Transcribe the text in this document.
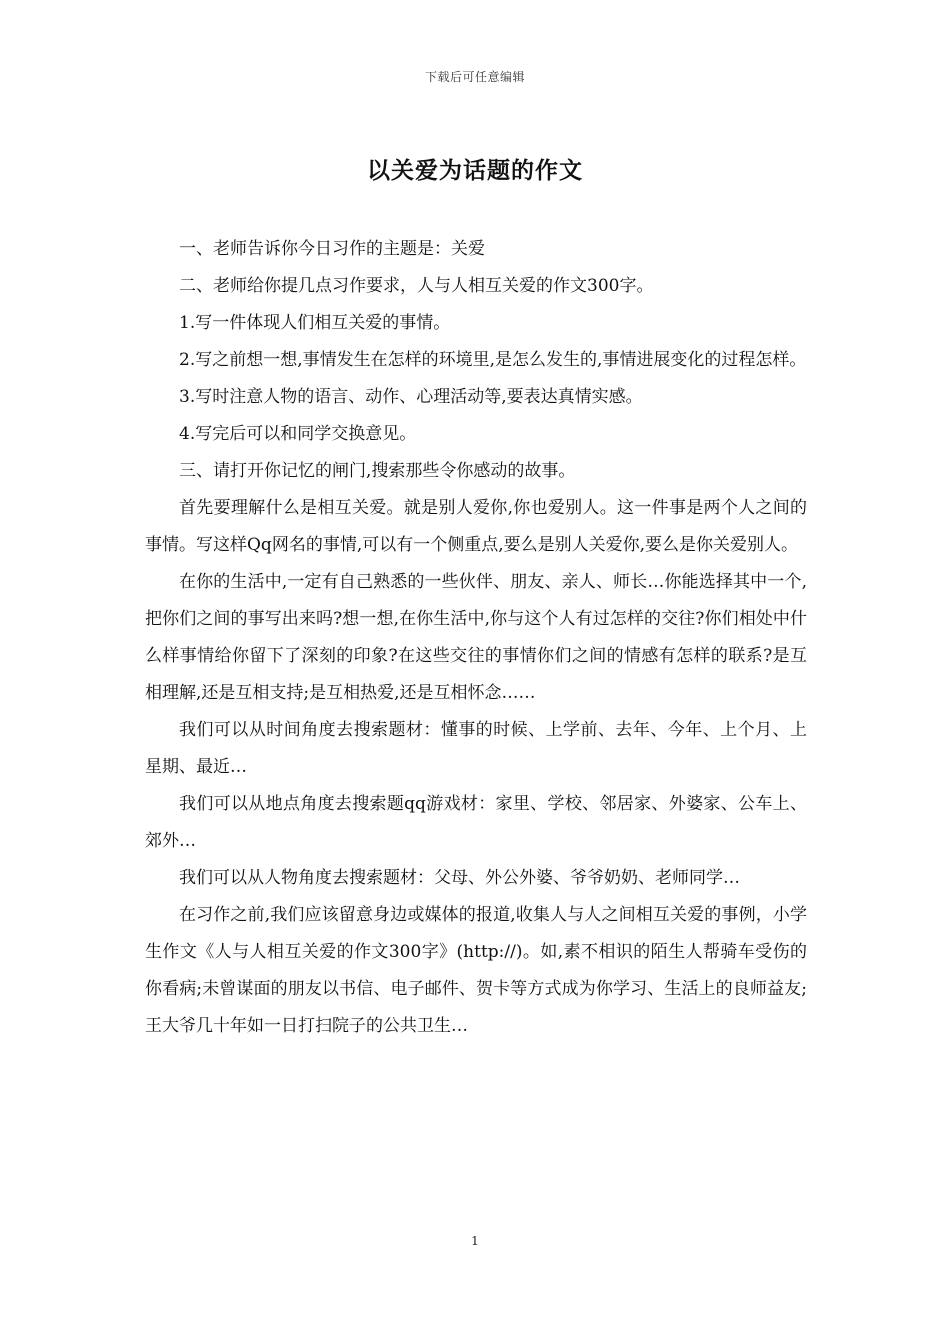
下载后可任意编辑
以关爱为话题的作文

一、老师告诉你今日习作的主题是：关爱

二、老师给你提几点习作要求，人与人相互关爱的作文300字。

1.写一件体现人们相互关爱的事情。

2.写之前想一想,事情发生在怎样的环境里,是怎么发生的,事情进展变化的过程怎样。

3.写时注意人物的语言、动作、心理活动等,要表达真情实感。

4.写完后可以和同学交换意见。

三、请打开你记忆的闸门,搜索那些令你感动的故事。

首先要理解什么是相互关爱。就是别人爱你,你也爱别人。这一件事是两个人之间的事情。写这样Qq网名的事情,可以有一个侧重点,要么是别人关爱你,要么是你关爱别人。

在你的生活中,一定有自己熟悉的一些伙伴、朋友、亲人、师长…你能选择其中一个,把你们之间的事写出来吗?想一想,在你生活中,你与这个人有过怎样的交往?你们相处中什么样事情给你留下了深刻的印象?在这些交往的事情你们之间的情感有怎样的联系?是互相理解,还是互相支持;是互相热爱,还是互相怀念……

我们可以从时间角度去搜索题材：懂事的时候、上学前、去年、今年、上个月、上星期、最近…

我们可以从地点角度去搜索题qq游戏材：家里、学校、邻居家、外婆家、公车上、郊外…

我们可以从人物角度去搜索题材：父母、外公外婆、爷爷奶奶、老师同学…

在习作之前,我们应该留意身边或媒体的报道,收集人与人之间相互关爱的事例，小学生作文《人与人相互关爱的作文300字》(http://)。如,素不相识的陌生人帮骑车受伤的你看病;未曾谋面的朋友以书信、电子邮件、贺卡等方式成为你学习、生活上的良师益友;王大爷几十年如一日打扫院子的公共卫生…

1
